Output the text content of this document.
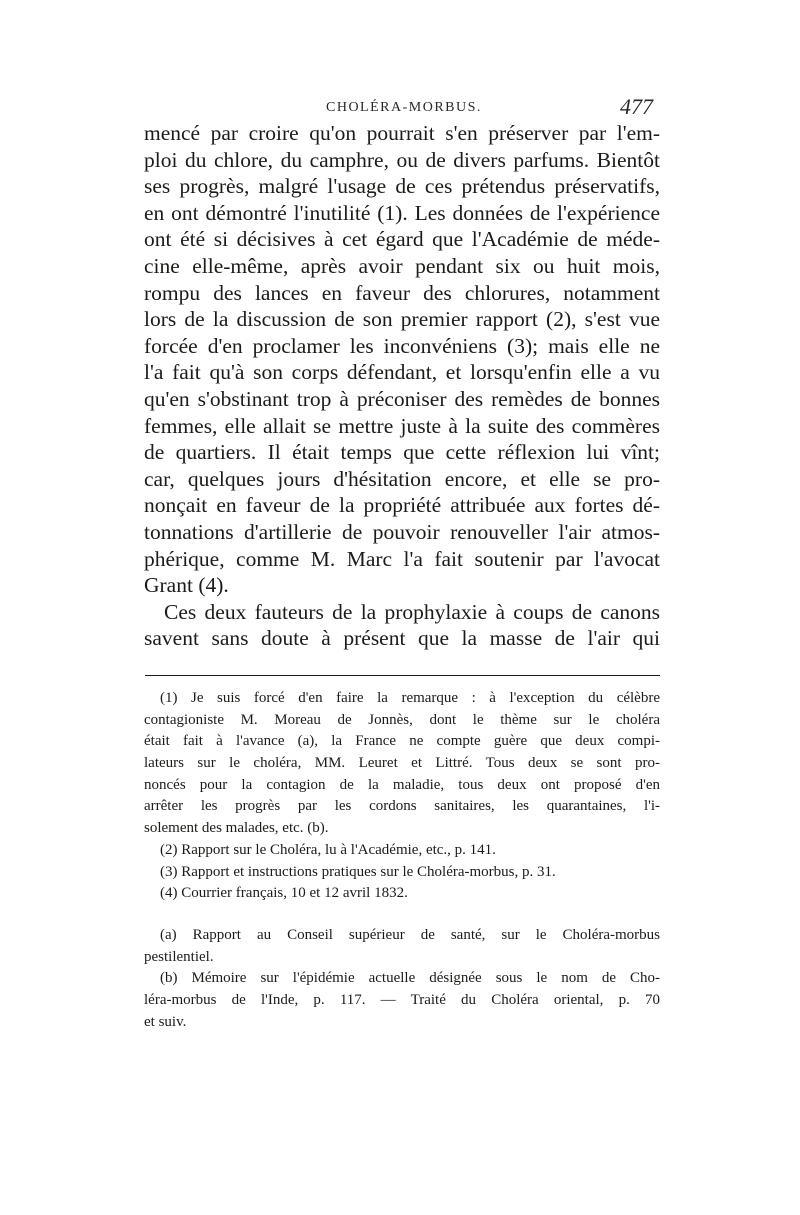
CHOLÉRA-MORBUS.	477
mencé par croire qu'on pourrait s'en préserver par l'em-
ploi du chlore, du camphre, ou de divers parfums. Bientôt
ses progrès, malgré l'usage de ces prétendus préservatifs,
en ont démontré l'inutilité (1). Les données de l'expérience
ont été si décisives à cet égard que l'Académie de méde-
cine elle-même, après avoir pendant six ou huit mois,
rompu des lances en faveur des chlorures, notamment
lors de la discussion de son premier rapport (2), s'est vue
forcée d'en proclamer les inconvéniens (3); mais elle ne
l'a fait qu'à son corps défendant, et lorsqu'enfin elle a vu
qu'en s'obstinant trop à préconiser des remèdes de bonnes
femmes, elle allait se mettre juste à la suite des commères
de quartiers. Il était temps que cette réflexion lui vînt;
car, quelques jours d'hésitation encore, et elle se pro-
nonçait en faveur de la propriété attribuée aux fortes dé-
tonnations d'artillerie de pouvoir renouveller l'air atmos-
phérique, comme M. Marc l'a fait soutenir par l'avocat
Grant (4).
Ces deux fauteurs de la prophylaxie à coups de canons
savent sans doute à présent que la masse de l'air qui
(1) Je suis forcé d'en faire la remarque : à l'exception du célèbre
contagioniste M. Moreau de Jonnès, dont le thème sur le choléra
était fait à l'avance (a), la France ne compte guère que deux compi-
lateurs sur le choléra, MM. Leuret et Littré. Tous deux se sont pro-
noncés pour la contagion de la maladie, tous deux ont proposé d'en
arrêter les progrès par les cordons sanitaires, les quarantaines, l'i-
solement des malades, etc. (b).
(2) Rapport sur le Choléra, lu à l'Académie, etc., p. 141.
(3) Rapport et instructions pratiques sur le Choléra-morbus, p. 31.
(4) Courrier français, 10 et 12 avril 1832.
(a) Rapport au Conseil supérieur de santé, sur le Choléra-morbus
pestilentiel.
(b) Mémoire sur l'épidémie actuelle désignée sous le nom de Cho-
léra-morbus de l'Inde, p. 117. — Traité du Choléra oriental, p. 70
et suiv.
